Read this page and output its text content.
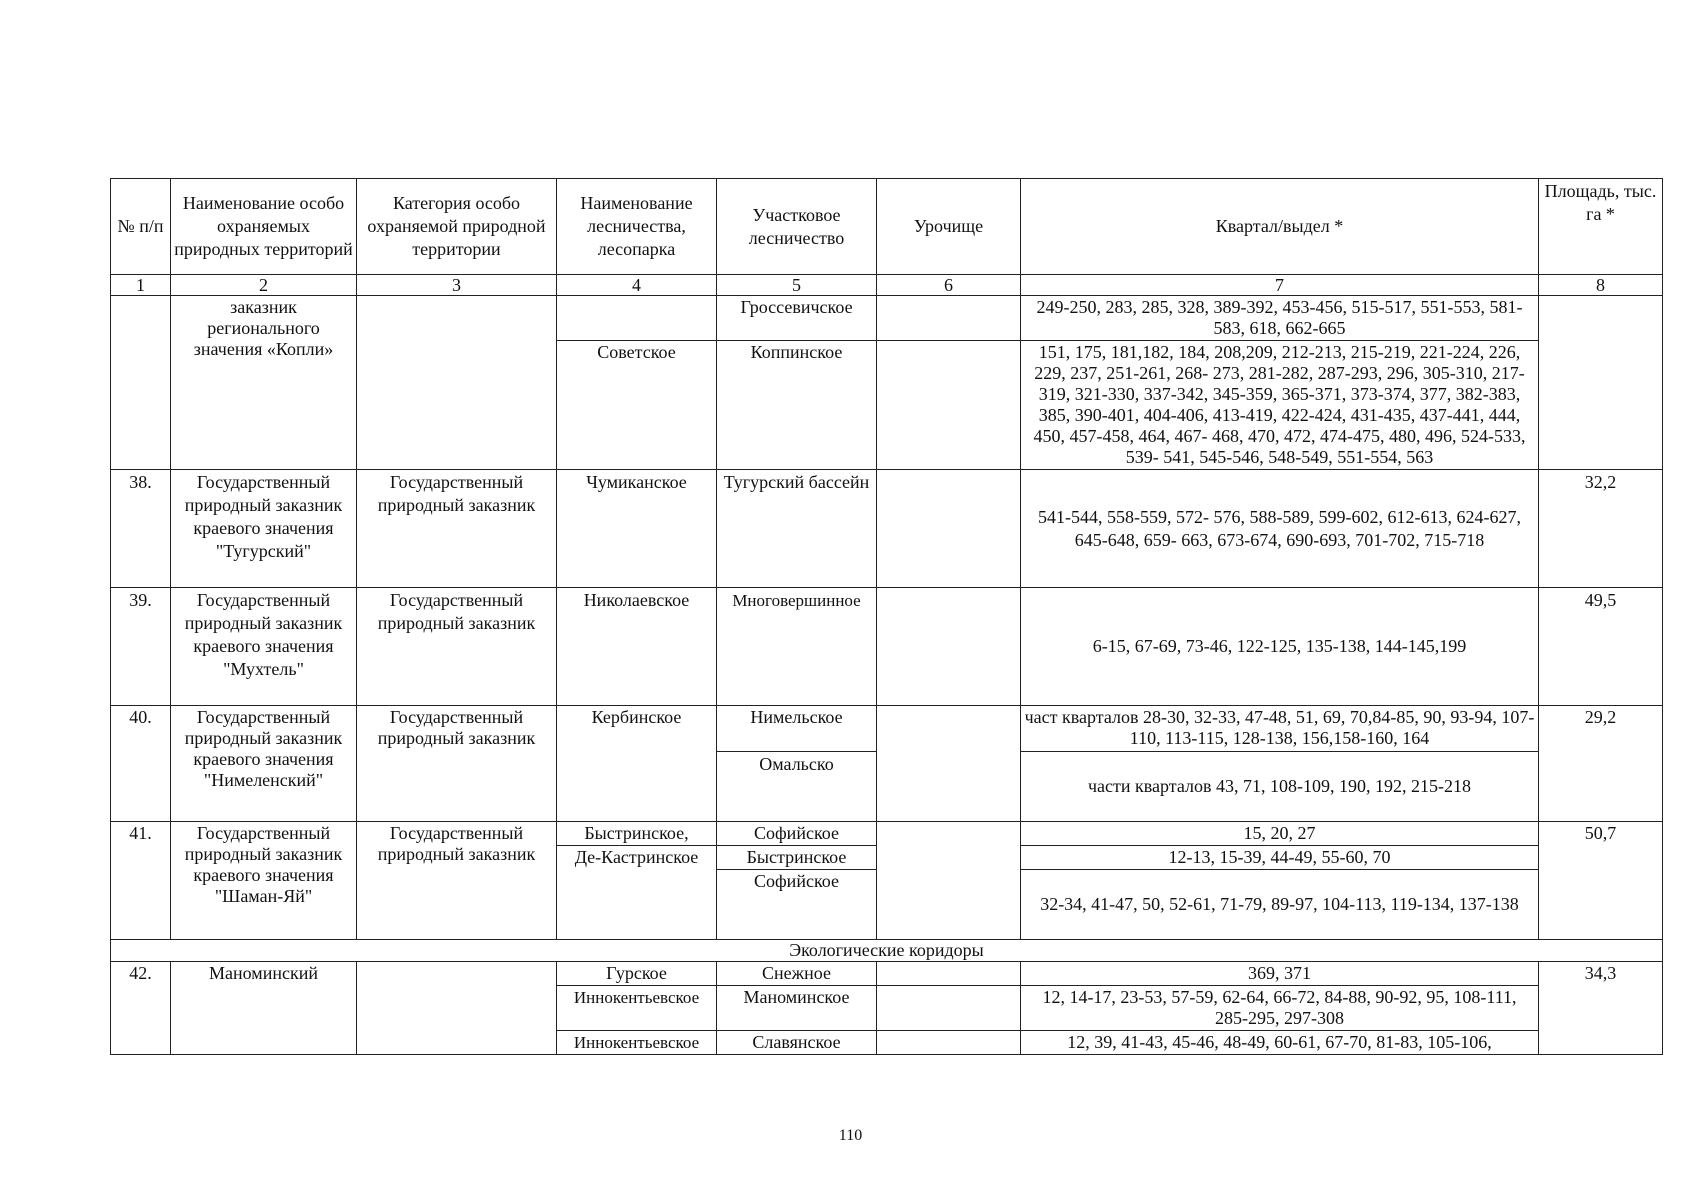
№ п/п	Наименование особо охраняемых природных территорий	Категория особо охраняемой природной территории	Наименование лесничества, лесопарка	Участковое лесничество	Урочище	Квартал/выдел *	Площадь, тыс. га *
1	2	3	4	5	6	7	8
	заказник регионального значения «Копли»			Гроссевичское		249-250, 283, 285, 328, 389-392, 453-456, 515-517, 551-553, 581-583, 618, 662-665	
			Советское	Коппинское		151, 175, 181,182, 184, 208,209, 212-213, 215-219, 221-224, 226, 229, 237, 251-261, 268- 273, 281-282, 287-293, 296, 305-310, 217-319, 321-330, 337-342, 345-359, 365-371, 373-374, 377, 382-383, 385, 390-401, 404-406, 413-419, 422-424, 431-435, 437-441, 444, 450, 457-458, 464, 467- 468, 470, 472, 474-475, 480, 496, 524-533, 539- 541, 545-546, 548-549, 551-554, 563	
38.	Государственный природный заказник краевого значения "Тугурский"	Государственный природный заказник	Чумиканское	Тугурский бассейн		541-544, 558-559, 572- 576, 588-589, 599-602, 612-613, 624-627, 645-648, 659- 663, 673-674, 690-693, 701-702, 715-718	32,2
39.	Государственный природный заказник краевого значения "Мухтель"	Государственный природный заказник	Николаевское	Многовершинное		6-15, 67-69, 73-46, 122-125, 135-138, 144-145,199	49,5
40.	Государственный природный заказник краевого значения "Нимеленский"	Государственный природный заказник	Кербинское	Нимельское		част кварталов 28-30, 32-33, 47-48, 51, 69, 70,84-85, 90, 93-94, 107-110, 113-115, 128-138, 156,158-160, 164	29,2
				Омальско		части кварталов 43, 71, 108-109, 190, 192, 215-218	
41.	Государственный природный заказник краевого значения "Шаман-Яй"	Государственный природный заказник	Быстринское,	Софийское		15, 20, 27	50,7
			Де-Кастринское	Быстринское		12-13, 15-39, 44-49, 55-60, 70	
				Софийское		32-34, 41-47, 50, 52-61, 71-79, 89-97, 104-113, 119-134, 137-138	
Экологические коридоры							
42.	Маноминский		Гурское	Снежное		369, 371	34,3
			Иннокентьевское	Маноминское		12, 14-17, 23-53, 57-59, 62-64, 66-72, 84-88, 90-92, 95, 108-111, 285-295, 297-308	
			Иннокентьевское	Славянское		12, 39, 41-43, 45-46, 48-49, 60-61, 67-70, 81-83, 105-106,	
110
